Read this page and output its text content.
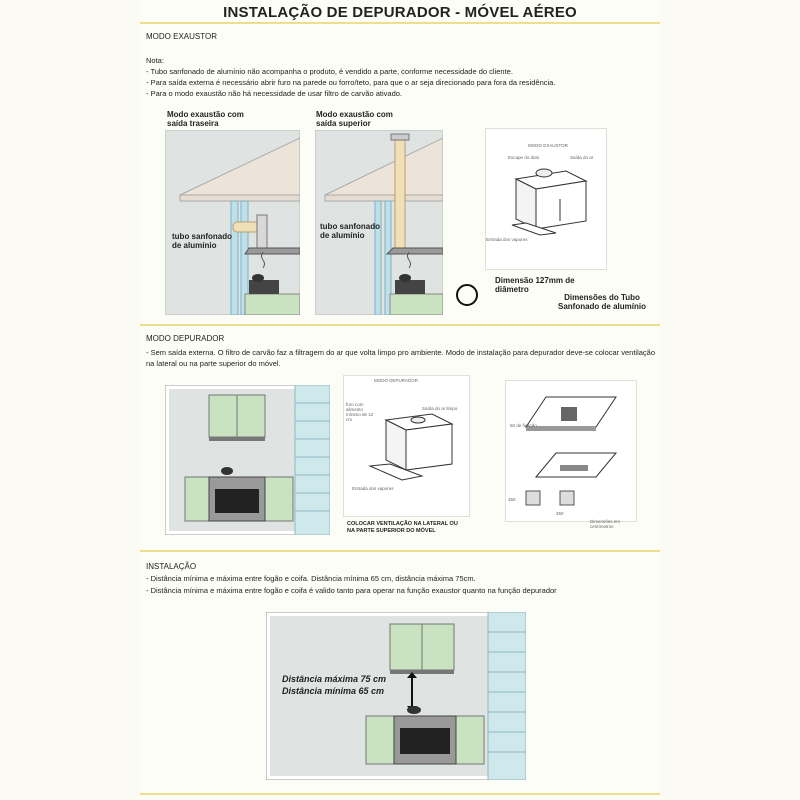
INSTALAÇÃO DE DEPURADOR - MÓVEL AÉREO
MODO EXAUSTOR
Nota:
- Tubo sanfonado de alumínio não acompanha o produto, é vendido a parte, conforme necessidade do cliente.
- Para saída externa é necessário abrir furo na parede ou forro/teto, para que o ar seja direcionado para fora da residência.
- Para o modo exaustão não há necessidade de usar filtro de carvão ativado.
Modo exaustão com saída traseira
tubo sanfonado de alumínio
Modo exaustão com saída superior
tubo sanfonado de alumínio
MODO EXAUSTOR
Escape do duto	Saída do ar
Entrada dos vapores
Dimensão 127mm de diâmetro
Dimensões do Tubo Sanfonado de alumínio
MODO DEPURADOR
- Sem saída externa. O filtro de carvão faz a filtragem do ar que volta limpo pro ambiente. Modo de instalação para depurador deve-se colocar ventilação na lateral ou na parte superior do móvel.
MODO DEPURADOR
furo com alimento mínimo de 12 cm
Saída do ar limpo
Entrada dos vapores
COLOCAR VENTILAÇÃO NA LATERAL OU NA PARTE SUPERIOR DO MÓVEL
50 de fixação
350
350
Dimensões em centímetros
INSTALAÇÃO
- Distância mínima e máxima entre fogão e coifa. Distância mínima 65 cm, distância máxima 75cm.
- Distância mínima e máxima entre fogão e coifa é valido tanto para operar na função exaustor quanto na função depurador
Distância máxima 75 cm
Distância mínima 65 cm
